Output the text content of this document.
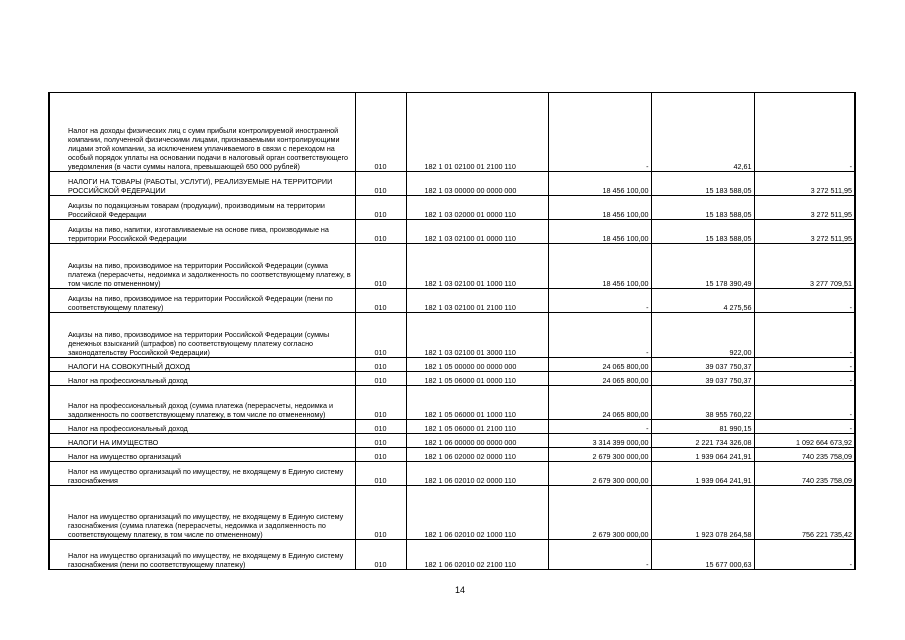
Налог на доходы физических лиц с сумм прибыли контролируемой иностранной компании, полученной физическими лицами, признаваемыми контролирующими лицами этой компании, за исключением уплачиваемого в связи с переходом на особый порядок уплаты на основании подачи в налоговый орган соответствующего уведомления (в части суммы налога, превышающей 650 000 рублей)	010	182 1 01 02100 01 2100 110	-	42,61	-
НАЛОГИ НА ТОВАРЫ (РАБОТЫ, УСЛУГИ), РЕАЛИЗУЕМЫЕ НА ТЕРРИТОРИИ РОССИЙСКОЙ ФЕДЕРАЦИИ	010	182 1 03 00000 00 0000 000	18 456 100,00	15 183 588,05	3 272 511,95
Акцизы по подакцизным товарам (продукции), производимым на территории Российской Федерации	010	182 1 03 02000 01 0000 110	18 456 100,00	15 183 588,05	3 272 511,95
Акцизы на пиво, напитки, изготавливаемые на основе пива, производимые на территории Российской Федерации	010	182 1 03 02100 01 0000 110	18 456 100,00	15 183 588,05	3 272 511,95
Акцизы на пиво, производимое на территории Российской Федерации (сумма платежа (перерасчеты, недоимка и задолженность по соответствующему платежу, в том числе по отмененному)	010	182 1 03 02100 01 1000 110	18 456 100,00	15 178 390,49	3 277 709,51
Акцизы на пиво, производимое на территории Российской Федерации (пени по соответствующему платежу)	010	182 1 03 02100 01 2100 110	-	4 275,56	-
Акцизы на пиво, производимое на территории Российской Федерации (суммы денежных взысканий (штрафов) по соответствующему платежу согласно законодательству Российской Федерации)	010	182 1 03 02100 01 3000 110	-	922,00	-
НАЛОГИ НА СОВОКУПНЫЙ ДОХОД	010	182 1 05 00000 00 0000 000	24 065 800,00	39 037 750,37	-
Налог на профессиональный доход	010	182 1 05 06000 01 0000 110	24 065 800,00	39 037 750,37	-
Налог на профессиональный доход (сумма платежа (перерасчеты, недоимка и задолженность по соответствующему платежу, в том числе по отмененному)	010	182 1 05 06000 01 1000 110	24 065 800,00	38 955 760,22	-
Налог на профессиональный доход	010	182 1 05 06000 01 2100 110	-	81 990,15	-
НАЛОГИ НА ИМУЩЕСТВО	010	182 1 06 00000 00 0000 000	3 314 399 000,00	2 221 734 326,08	1 092 664 673,92
Налог на имущество организаций	010	182 1 06 02000 02 0000 110	2 679 300 000,00	1 939 064 241,91	740 235 758,09
Налог на имущество организаций по имуществу, не входящему в Единую систему газоснабжения	010	182 1 06 02010 02 0000 110	2 679 300 000,00	1 939 064 241,91	740 235 758,09
Налог на имущество организаций по имуществу, не входящему в Единую систему газоснабжения (сумма платежа (перерасчеты, недоимка и задолженность по соответствующему платежу, в том числе по отмененному)	010	182 1 06 02010 02 1000 110	2 679 300 000,00	1 923 078 264,58	756 221 735,42
Налог на имущество организаций по имуществу, не входящему в Единую систему газоснабжения (пени по соответствующему платежу)	010	182 1 06 02010 02 2100 110	-	15 677 000,63	-
14
